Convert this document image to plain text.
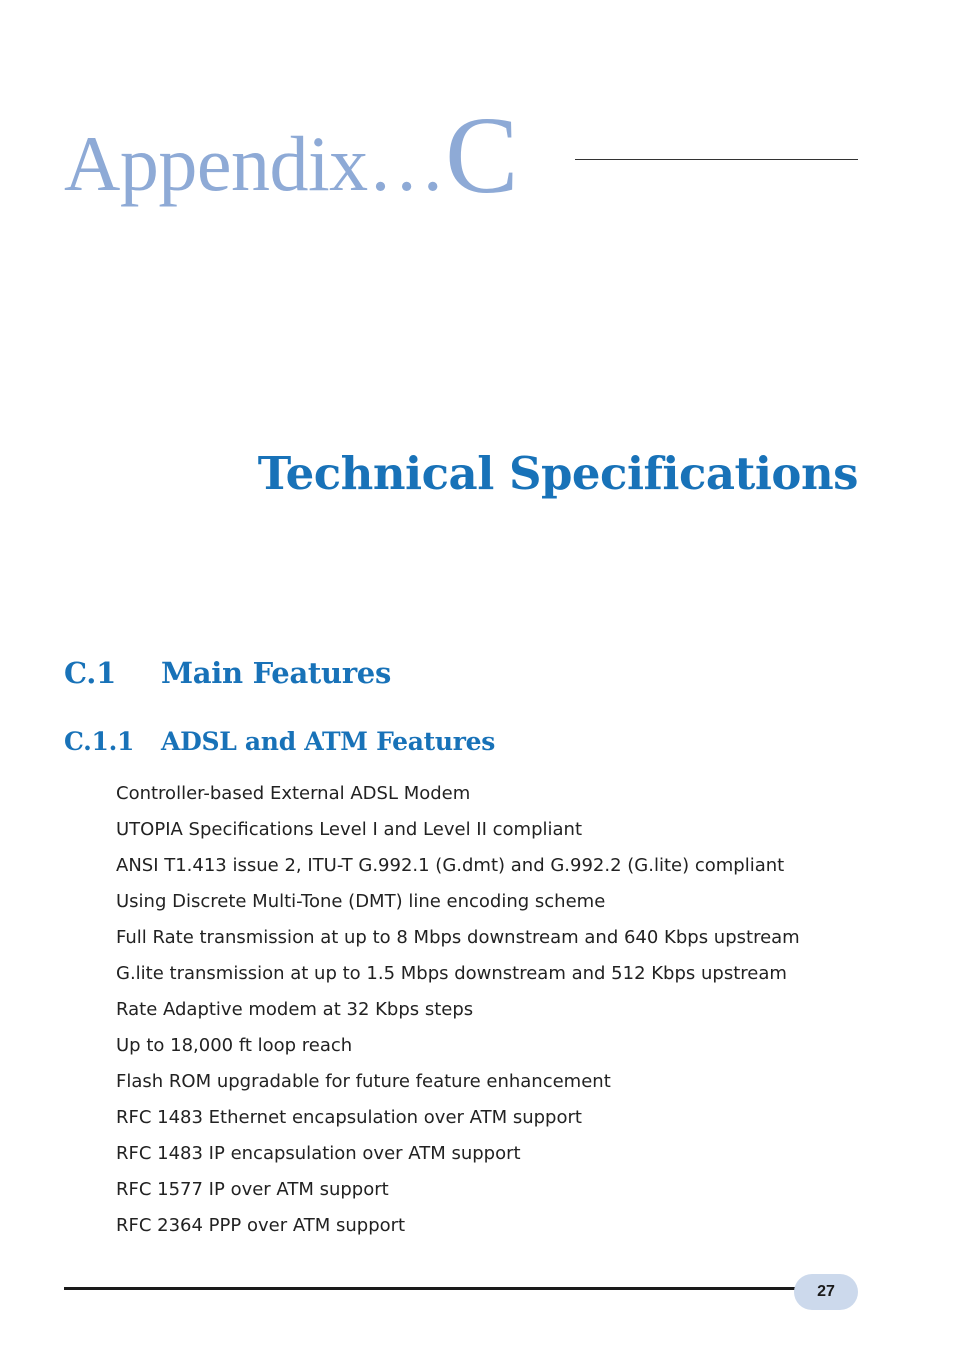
Appendix…C
Technical Specifications
C.1 Main Features
C.1.1 ADSL and ATM Features
Controller-based External ADSL Modem
UTOPIA Specifications Level I and Level II compliant
ANSI T1.413 issue 2, ITU-T G.992.1 (G.dmt) and G.992.2 (G.lite) compliant
Using Discrete Multi-Tone (DMT) line encoding scheme
Full Rate transmission at up to 8 Mbps downstream and 640 Kbps upstream
G.lite transmission at up to 1.5 Mbps downstream and 512 Kbps upstream
Rate Adaptive modem at 32 Kbps steps
Up to 18,000 ft loop reach
Flash ROM upgradable for future feature enhancement
RFC 1483 Ethernet encapsulation over ATM support
RFC 1483 IP encapsulation over ATM support
RFC 1577 IP over ATM support
RFC 2364 PPP over ATM support
27
